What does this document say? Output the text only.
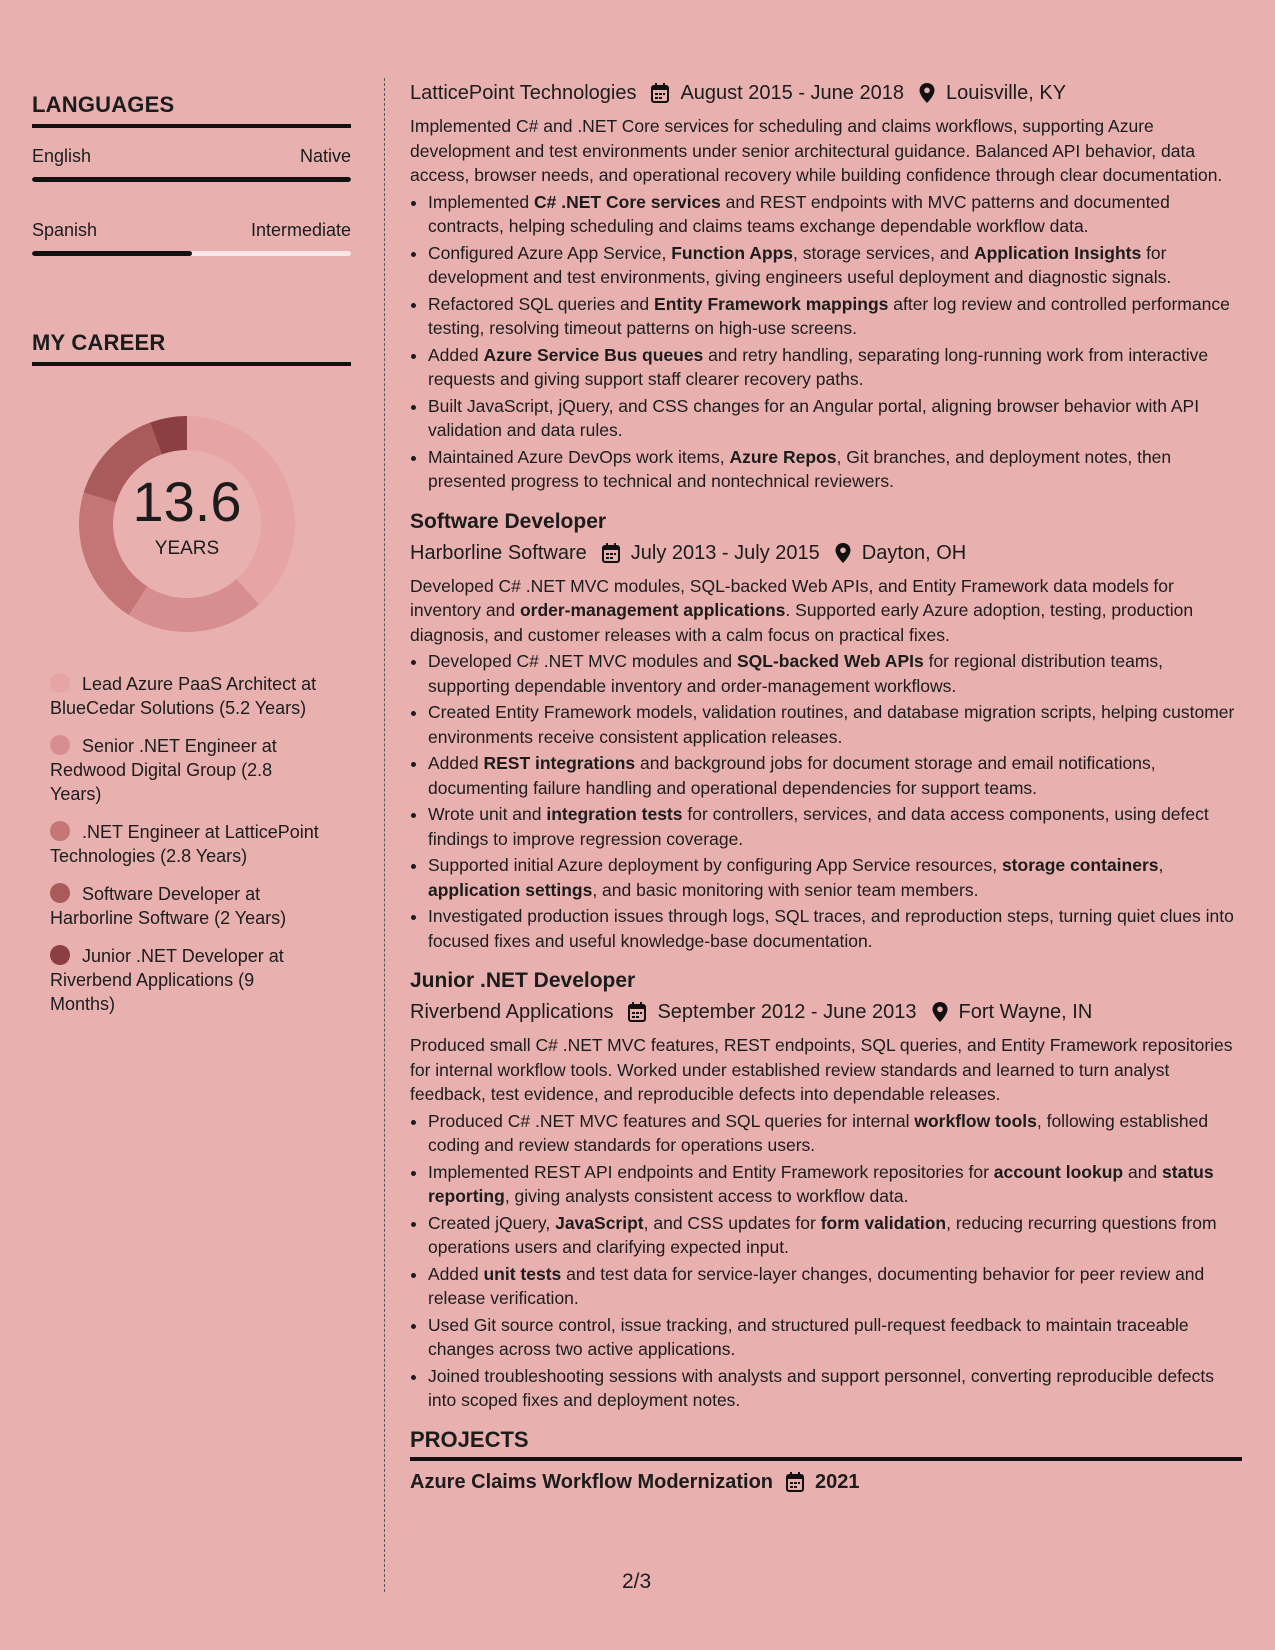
LANGUAGES
English	Native
Spanish	Intermediate
MY CAREER
13.6
YEARS
Lead Azure PaaS Architect at BlueCedar Solutions (5.2 Years)
Senior .NET Engineer at Redwood Digital Group (2.8 Years)
.NET Engineer at LatticePoint Technologies (2.8 Years)
Software Developer at Harborline Software (2 Years)
Junior .NET Developer at Riverbend Applications (9 Months)
LatticePoint Technologies August 2015 - June 2018 Louisville, KY
Implemented C# and .NET Core services for scheduling and claims workflows, supporting Azure development and test environments under senior architectural guidance. Balanced API behavior, data access, browser needs, and operational recovery while building confidence through clear documentation.
• Implemented C# .NET Core services and REST endpoints with MVC patterns and documented contracts, helping scheduling and claims teams exchange dependable workflow data.
• Configured Azure App Service, Function Apps, storage services, and Application Insights for development and test environments, giving engineers useful deployment and diagnostic signals.
• Refactored SQL queries and Entity Framework mappings after log review and controlled performance testing, resolving timeout patterns on high-use screens.
• Added Azure Service Bus queues and retry handling, separating long-running work from interactive requests and giving support staff clearer recovery paths.
• Built JavaScript, jQuery, and CSS changes for an Angular portal, aligning browser behavior with API validation and data rules.
• Maintained Azure DevOps work items, Azure Repos, Git branches, and deployment notes, then presented progress to technical and nontechnical reviewers.
Software Developer
Harborline Software July 2013 - July 2015 Dayton, OH
Developed C# .NET MVC modules, SQL-backed Web APIs, and Entity Framework data models for inventory and order-management applications. Supported early Azure adoption, testing, production diagnosis, and customer releases with a calm focus on practical fixes.
• Developed C# .NET MVC modules and SQL-backed Web APIs for regional distribution teams, supporting dependable inventory and order-management workflows.
• Created Entity Framework models, validation routines, and database migration scripts, helping customer environments receive consistent application releases.
• Added REST integrations and background jobs for document storage and email notifications, documenting failure handling and operational dependencies for support teams.
• Wrote unit and integration tests for controllers, services, and data access components, using defect findings to improve regression coverage.
• Supported initial Azure deployment by configuring App Service resources, storage containers, application settings, and basic monitoring with senior team members.
• Investigated production issues through logs, SQL traces, and reproduction steps, turning quiet clues into focused fixes and useful knowledge-base documentation.
Junior .NET Developer
Riverbend Applications September 2012 - June 2013 Fort Wayne, IN
Produced small C# .NET MVC features, REST endpoints, SQL queries, and Entity Framework repositories for internal workflow tools. Worked under established review standards and learned to turn analyst feedback, test evidence, and reproducible defects into dependable releases.
• Produced C# .NET MVC features and SQL queries for internal workflow tools, following established coding and review standards for operations users.
• Implemented REST API endpoints and Entity Framework repositories for account lookup and status reporting, giving analysts consistent access to workflow data.
• Created jQuery, JavaScript, and CSS updates for form validation, reducing recurring questions from operations users and clarifying expected input.
• Added unit tests and test data for service-layer changes, documenting behavior for peer review and release verification.
• Used Git source control, issue tracking, and structured pull-request feedback to maintain traceable changes across two active applications.
• Joined troubleshooting sessions with analysts and support personnel, converting reproducible defects into scoped fixes and deployment notes.
PROJECTS
Azure Claims Workflow Modernization 2021
2/3
